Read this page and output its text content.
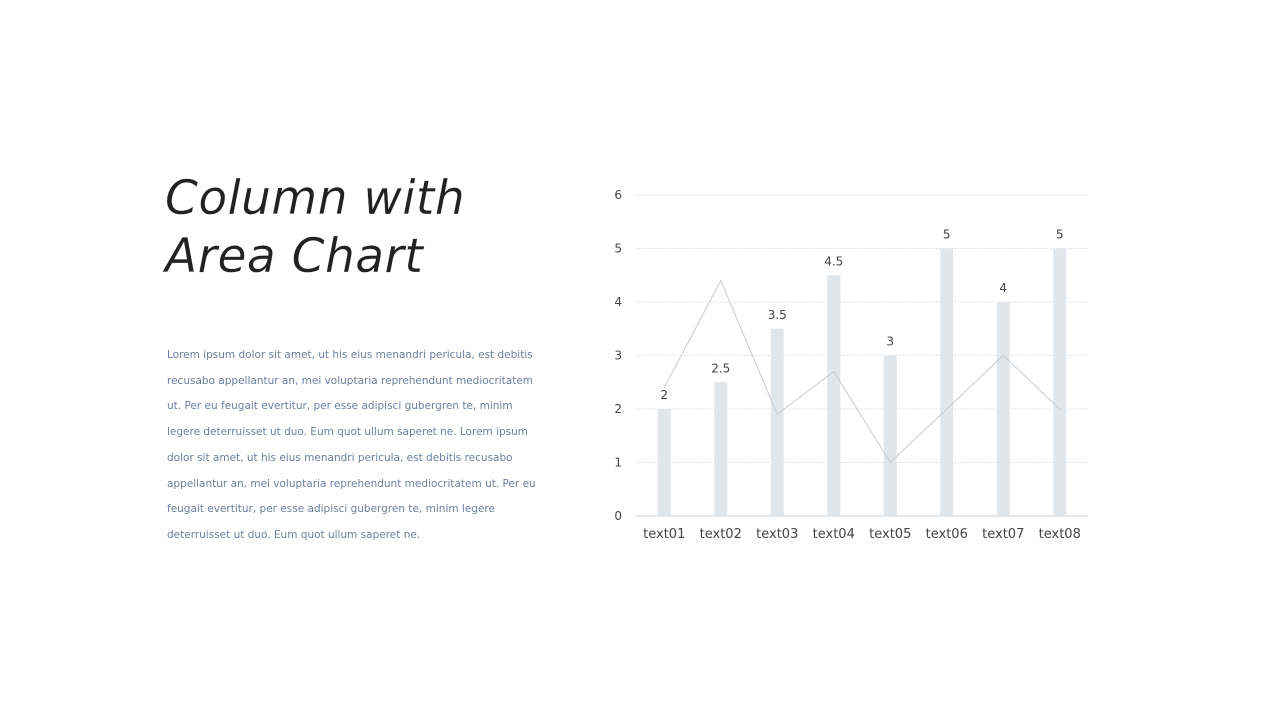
Column with
Area Chart

Lorem ipsum dolor sit amet, ut his eius menandri pericula, est debitis recusabo appellantur an, mei voluptaria reprehendunt mediocritatem ut. Per eu feugait evertitur, per esse adipisci gubergren te, minim legere deterruisset ut duo. Eum quot ullum saperet ne. Lorem ipsum dolor sit amet, ut his eius menandri pericula, est debitis recusabo appellantur an, mei voluptaria reprehendunt mediocritatem ut. Per eu feugait evertitur, per esse adipisci gubergren te, minim legere deterruisset ut duo. Eum quot ullum saperet ne.

0
1
2
3
4
5
6
2
2.5
3.5
4.5
3
5
4
5
text01 text02 text03 text04 text05 text06 text07 text08
